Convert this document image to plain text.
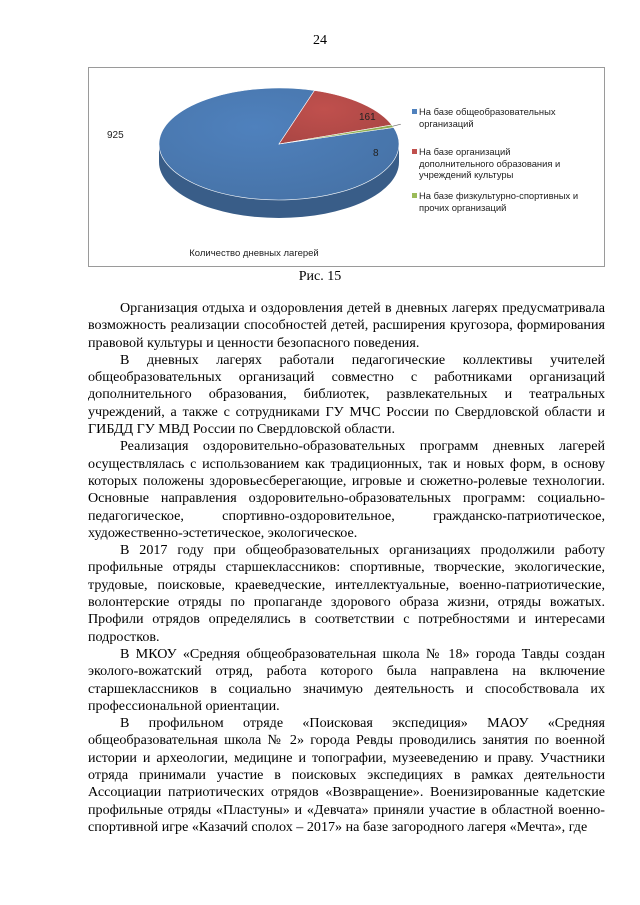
24
925
161
8
На базе общеобразовательных организаций
На базе организаций дополнительного образования и учреждений культуры
На базе физкультурно-спортивных и прочих организаций
Количество дневных лагерей
Рис. 15

Организация отдыха и оздоровления детей в дневных лагерях предусматривала возможность реализации способностей детей, расширения кругозора, формирования правовой культуры и ценности безопасного поведения.

В дневных лагерях работали педагогические коллективы учителей общеобразовательных организаций совместно с работниками организаций дополнительного образования, библиотек, развлекательных и театральных учреждений, а также с сотрудниками ГУ МЧС России по Свердловской области и ГИБДД ГУ МВД России по Свердловской области.

Реализация оздоровительно-образовательных программ дневных лагерей осуществлялась с использованием как традиционных, так и новых форм, в основу которых положены здоровьесберегающие, игровые и сюжетно-ролевые технологии. Основные направления оздоровительно-образовательных программ: социально-педагогическое, спортивно-оздоровительное, гражданско-патриотическое, художественно-эстетическое, экологическое.

В 2017 году при общеобразовательных организациях продолжили работу профильные отряды старшеклассников: спортивные, творческие, экологические, трудовые, поисковые, краеведческие, интеллектуальные, военно-патриотические, волонтерские отряды по пропаганде здорового образа жизни, отряды вожатых. Профили отрядов определялись в соответствии с потребностями и интересами подростков.

В МКОУ «Средняя общеобразовательная школа № 18» города Тавды создан эколого-вожатский отряд, работа которого была направлена на включение старшеклассников в социально значимую деятельность и способствовала их профессиональной ориентации.

В профильном отряде «Поисковая экспедиция» МАОУ «Средняя общеобразовательная школа № 2» города Ревды проводились занятия по военной истории и археологии, медицине и топографии, музееведению и праву. Участники отряда принимали участие в поисковых экспедициях в рамках деятельности Ассоциации патриотических отрядов «Возвращение». Военизированные кадетские профильные отряды «Пластуны» и «Девчата» приняли участие в областной военно-спортивной игре «Казачий сполох – 2017» на базе загородного лагеря «Мечта», где
